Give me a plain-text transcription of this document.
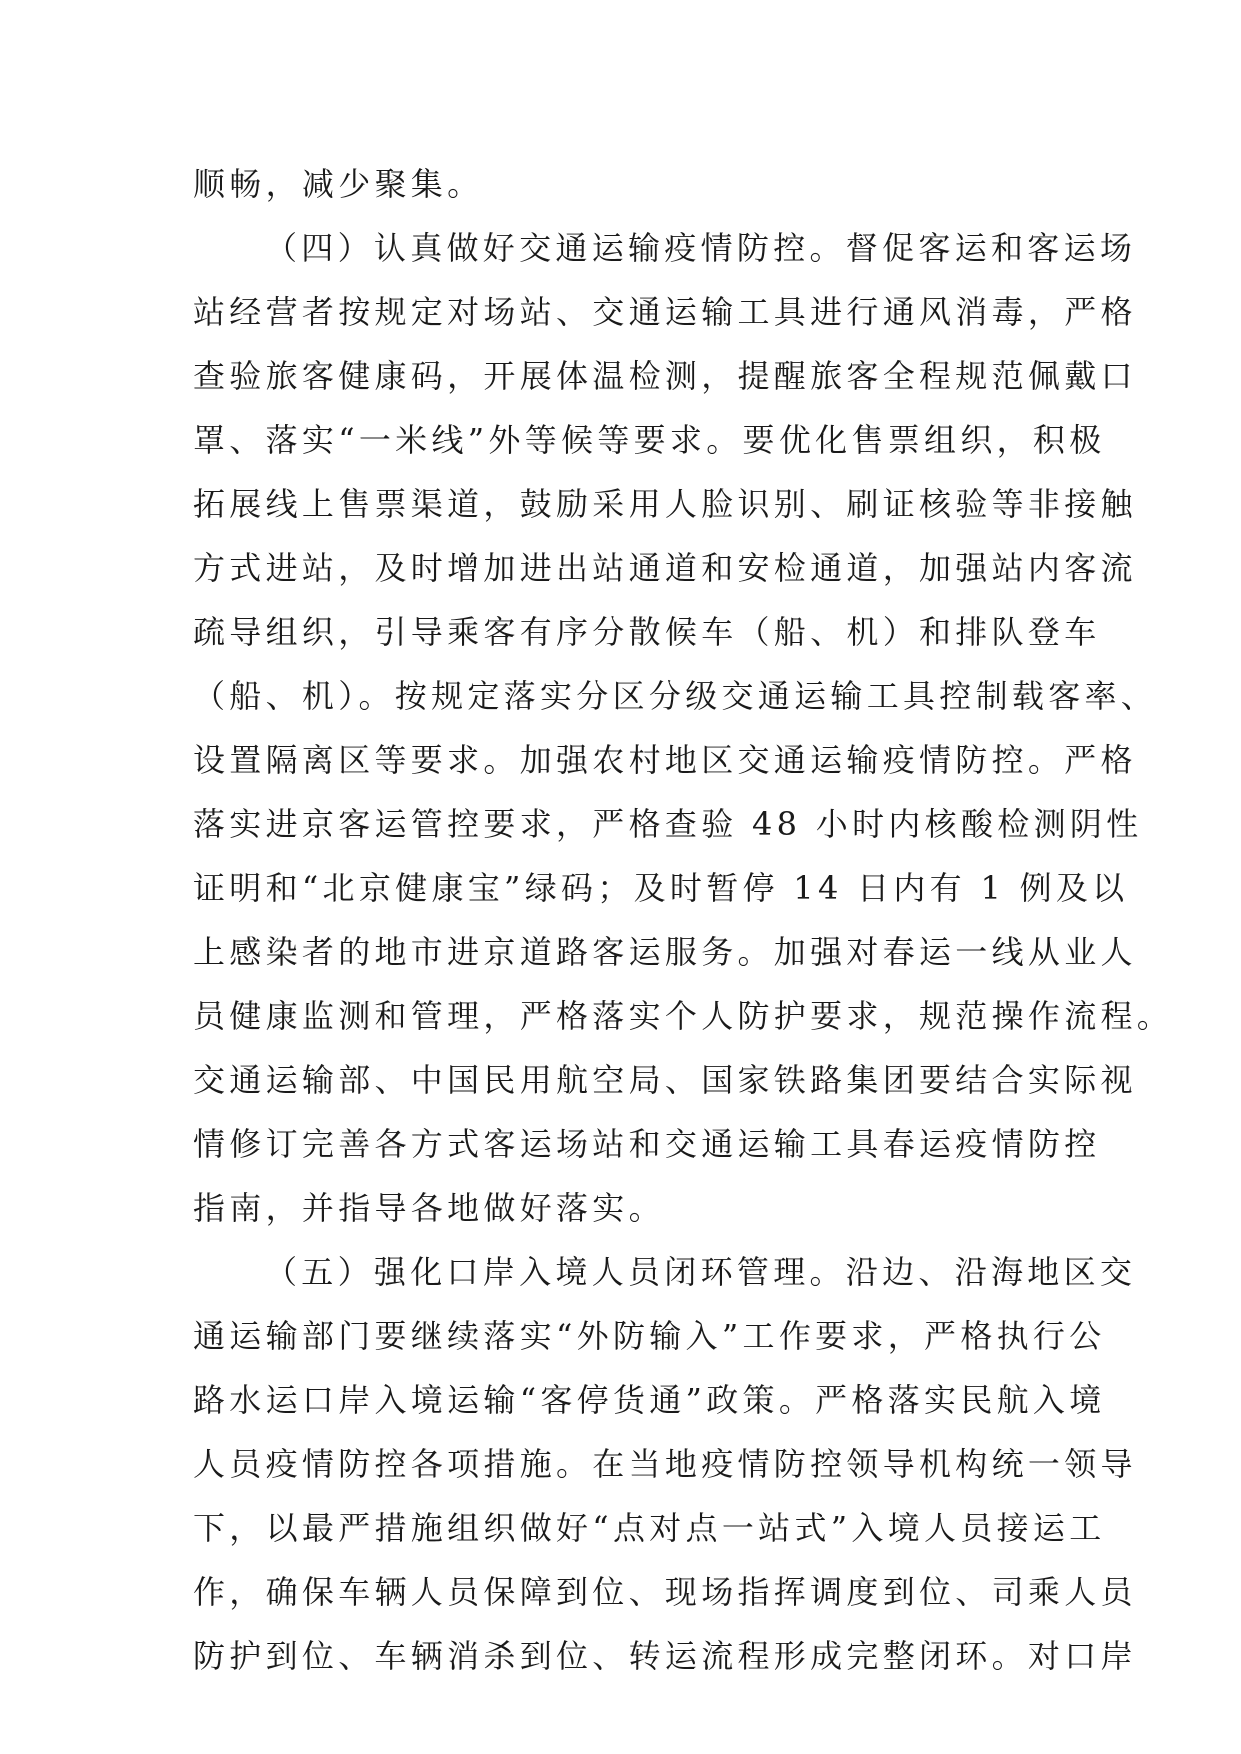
顺畅，减少聚集。
（四）认真做好交通运输疫情防控。督促客运和客运场
站经营者按规定对场站、交通运输工具进行通风消毒，严格
查验旅客健康码，开展体温检测，提醒旅客全程规范佩戴口
罩、落实“一米线”外等候等要求。要优化售票组织，积极
拓展线上售票渠道，鼓励采用人脸识别、刷证核验等非接触
方式进站，及时增加进出站通道和安检通道，加强站内客流
疏导组织，引导乘客有序分散候车（船、机）和排队登车
（船、机）。按规定落实分区分级交通运输工具控制载客率、
设置隔离区等要求。加强农村地区交通运输疫情防控。严格
落实进京客运管控要求，严格查验 48 小时内核酸检测阴性
证明和“北京健康宝”绿码；及时暂停 14 日内有 1 例及以
上感染者的地市进京道路客运服务。加强对春运一线从业人
员健康监测和管理，严格落实个人防护要求，规范操作流程。
交通运输部、中国民用航空局、国家铁路集团要结合实际视
情修订完善各方式客运场站和交通运输工具春运疫情防控
指南，并指导各地做好落实。
（五）强化口岸入境人员闭环管理。沿边、沿海地区交
通运输部门要继续落实“外防输入”工作要求，严格执行公
路水运口岸入境运输“客停货通”政策。严格落实民航入境
人员疫情防控各项措施。在当地疫情防控领导机构统一领导
下，以最严措施组织做好“点对点一站式”入境人员接运工
作，确保车辆人员保障到位、现场指挥调度到位、司乘人员
防护到位、车辆消杀到位、转运流程形成完整闭环。对口岸
